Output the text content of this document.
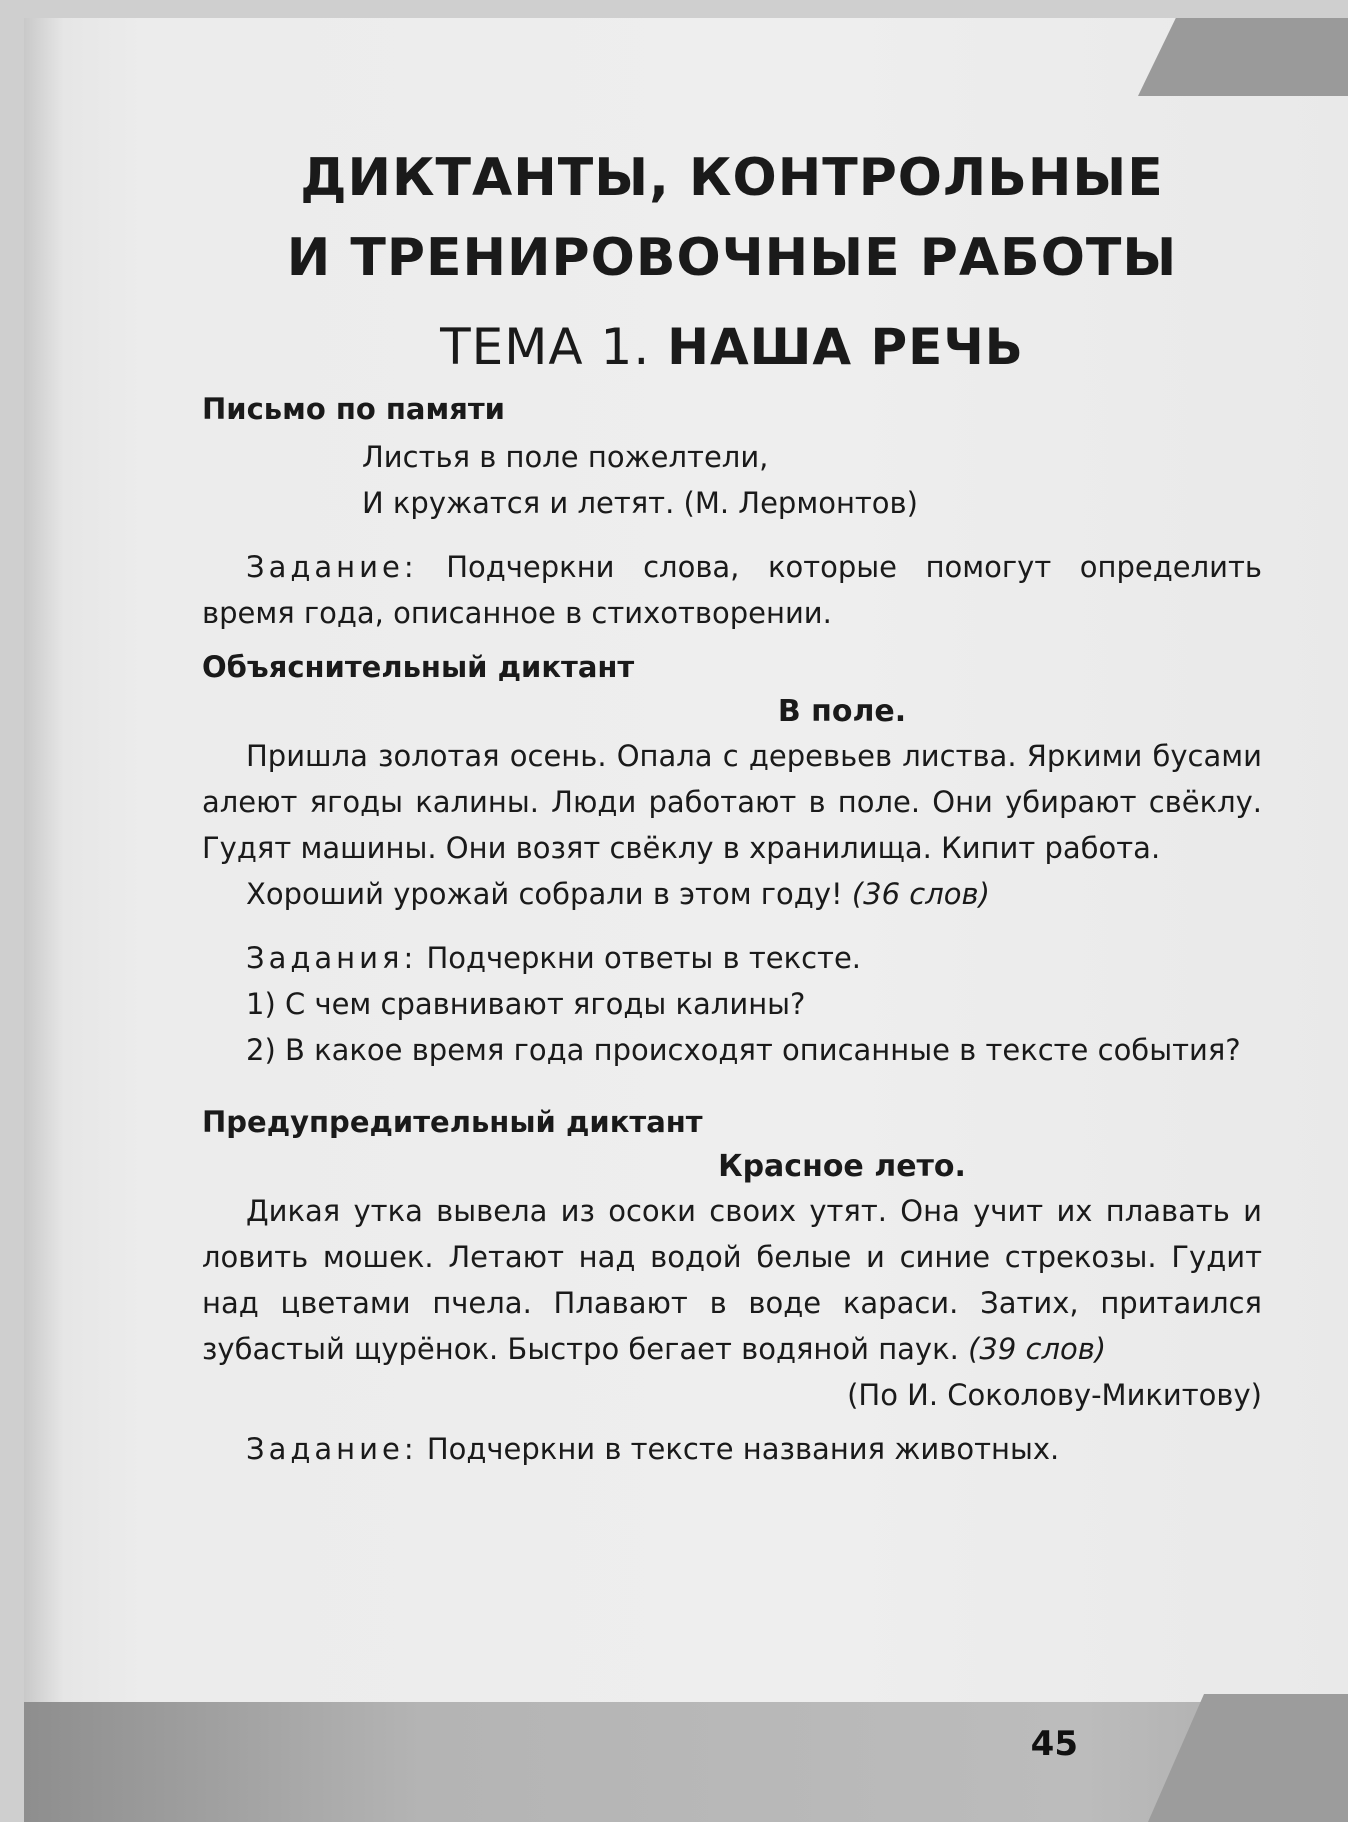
ДИКТАНТЫ, КОНТРОЛЬНЫЕ
И ТРЕНИРОВОЧНЫЕ РАБОТЫ
ТЕМА 1. НАША РЕЧЬ
Письмо по памяти
Листья в поле пожелтели,
И кружатся и летят. (М. Лермонтов)

Задание: Подчеркни слова, которые помогут определить время года, описанное в стихотворении.

Объяснительный диктант
В поле.

Пришла золотая осень. Опала с деревьев листва. Яркими бусами алеют ягоды калины. Люди работают в поле. Они убирают свёклу. Гудят машины. Они возят свёклу в хранилища. Кипит работа.

Хороший урожай собрали в этом году! (36 слов)

Задания: Подчеркни ответы в тексте.

1) С чем сравнивают ягоды калины?

2) В какое время года происходят описанные в тексте события?

Предупредительный диктант
Красное лето.

Дикая утка вывела из осоки своих утят. Она учит их плавать и ловить мошек. Летают над водой белые и синие стрекозы. Гудит над цветами пчела. Плавают в воде караси. Затих, притаился зубастый щурёнок. Быстро бегает водяной паук. (39 слов)

(По И. Соколову-Микитову)

Задание: Подчеркни в тексте названия животных.

45
